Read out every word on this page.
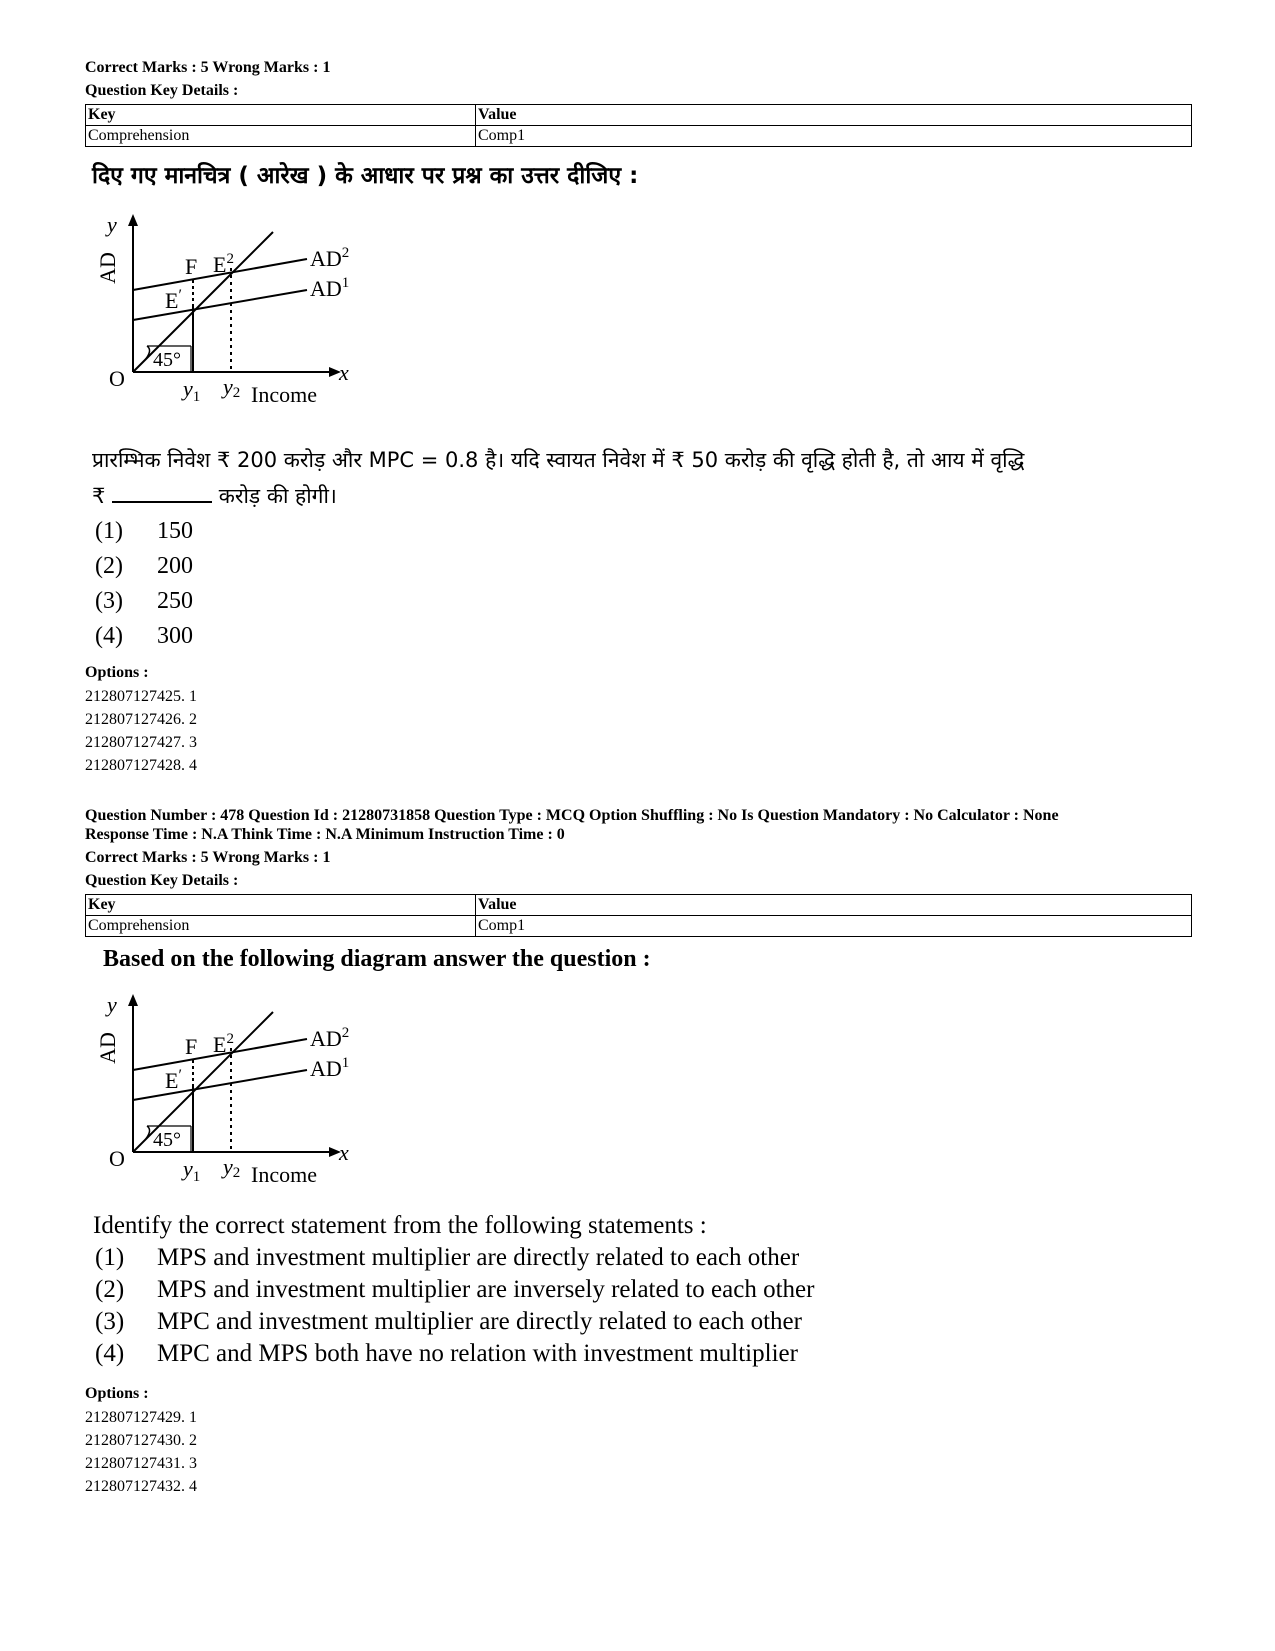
Correct Marks : 5 Wrong Marks : 1

Question Key Details :

Key	Value
Comprehension	Comp1
दिए गए मानचित्र ( आरेख ) के आधार पर प्रश्न का उत्तर दीजिए :
y
AD
O
45°
F
E′
$E^2$	$AD^2$
$AD^1$
x
$y_1$ y2 Income
प्रारम्भिक निवेश ₹ 200 करोड़ और MPC = 0.8 है। यदि स्वायत निवेश में ₹ 50 करोड़ की वृद्धि होती है, तो आय में वृद्धि
₹	करोड़ की होगी।
(1) 150
(2) 200
(3) 250
(4) 300

Options :

212807127425. 1

212807127426. 2

212807127427. 3

212807127428. 4

Question Number : 478 Question Id : 21280731858 Question Type : MCQ Option Shuffling : No Is Question Mandatory : No Calculator : None

Response Time : N.A Think Time : N.A Minimum Instruction Time : 0

Correct Marks : 5 Wrong Marks : 1

Question Key Details :

Key	Value
Comprehension	Comp1
Based on the following diagram answer the question :
y
AD
O
45°
F
E′
$E^2$	$AD^2$
$AD^1$
x
$y_1$ y2 Income
Identify the correct statement from the following statements :
(1) MPS and investment multiplier are directly related to each other
(2) MPS and investment multiplier are inversely related to each other
(3) MPC and investment multiplier are directly related to each other
(4) MPC and MPS both have no relation with investment multiplier

Options :

212807127429. 1

212807127430. 2

212807127431. 3

212807127432. 4
